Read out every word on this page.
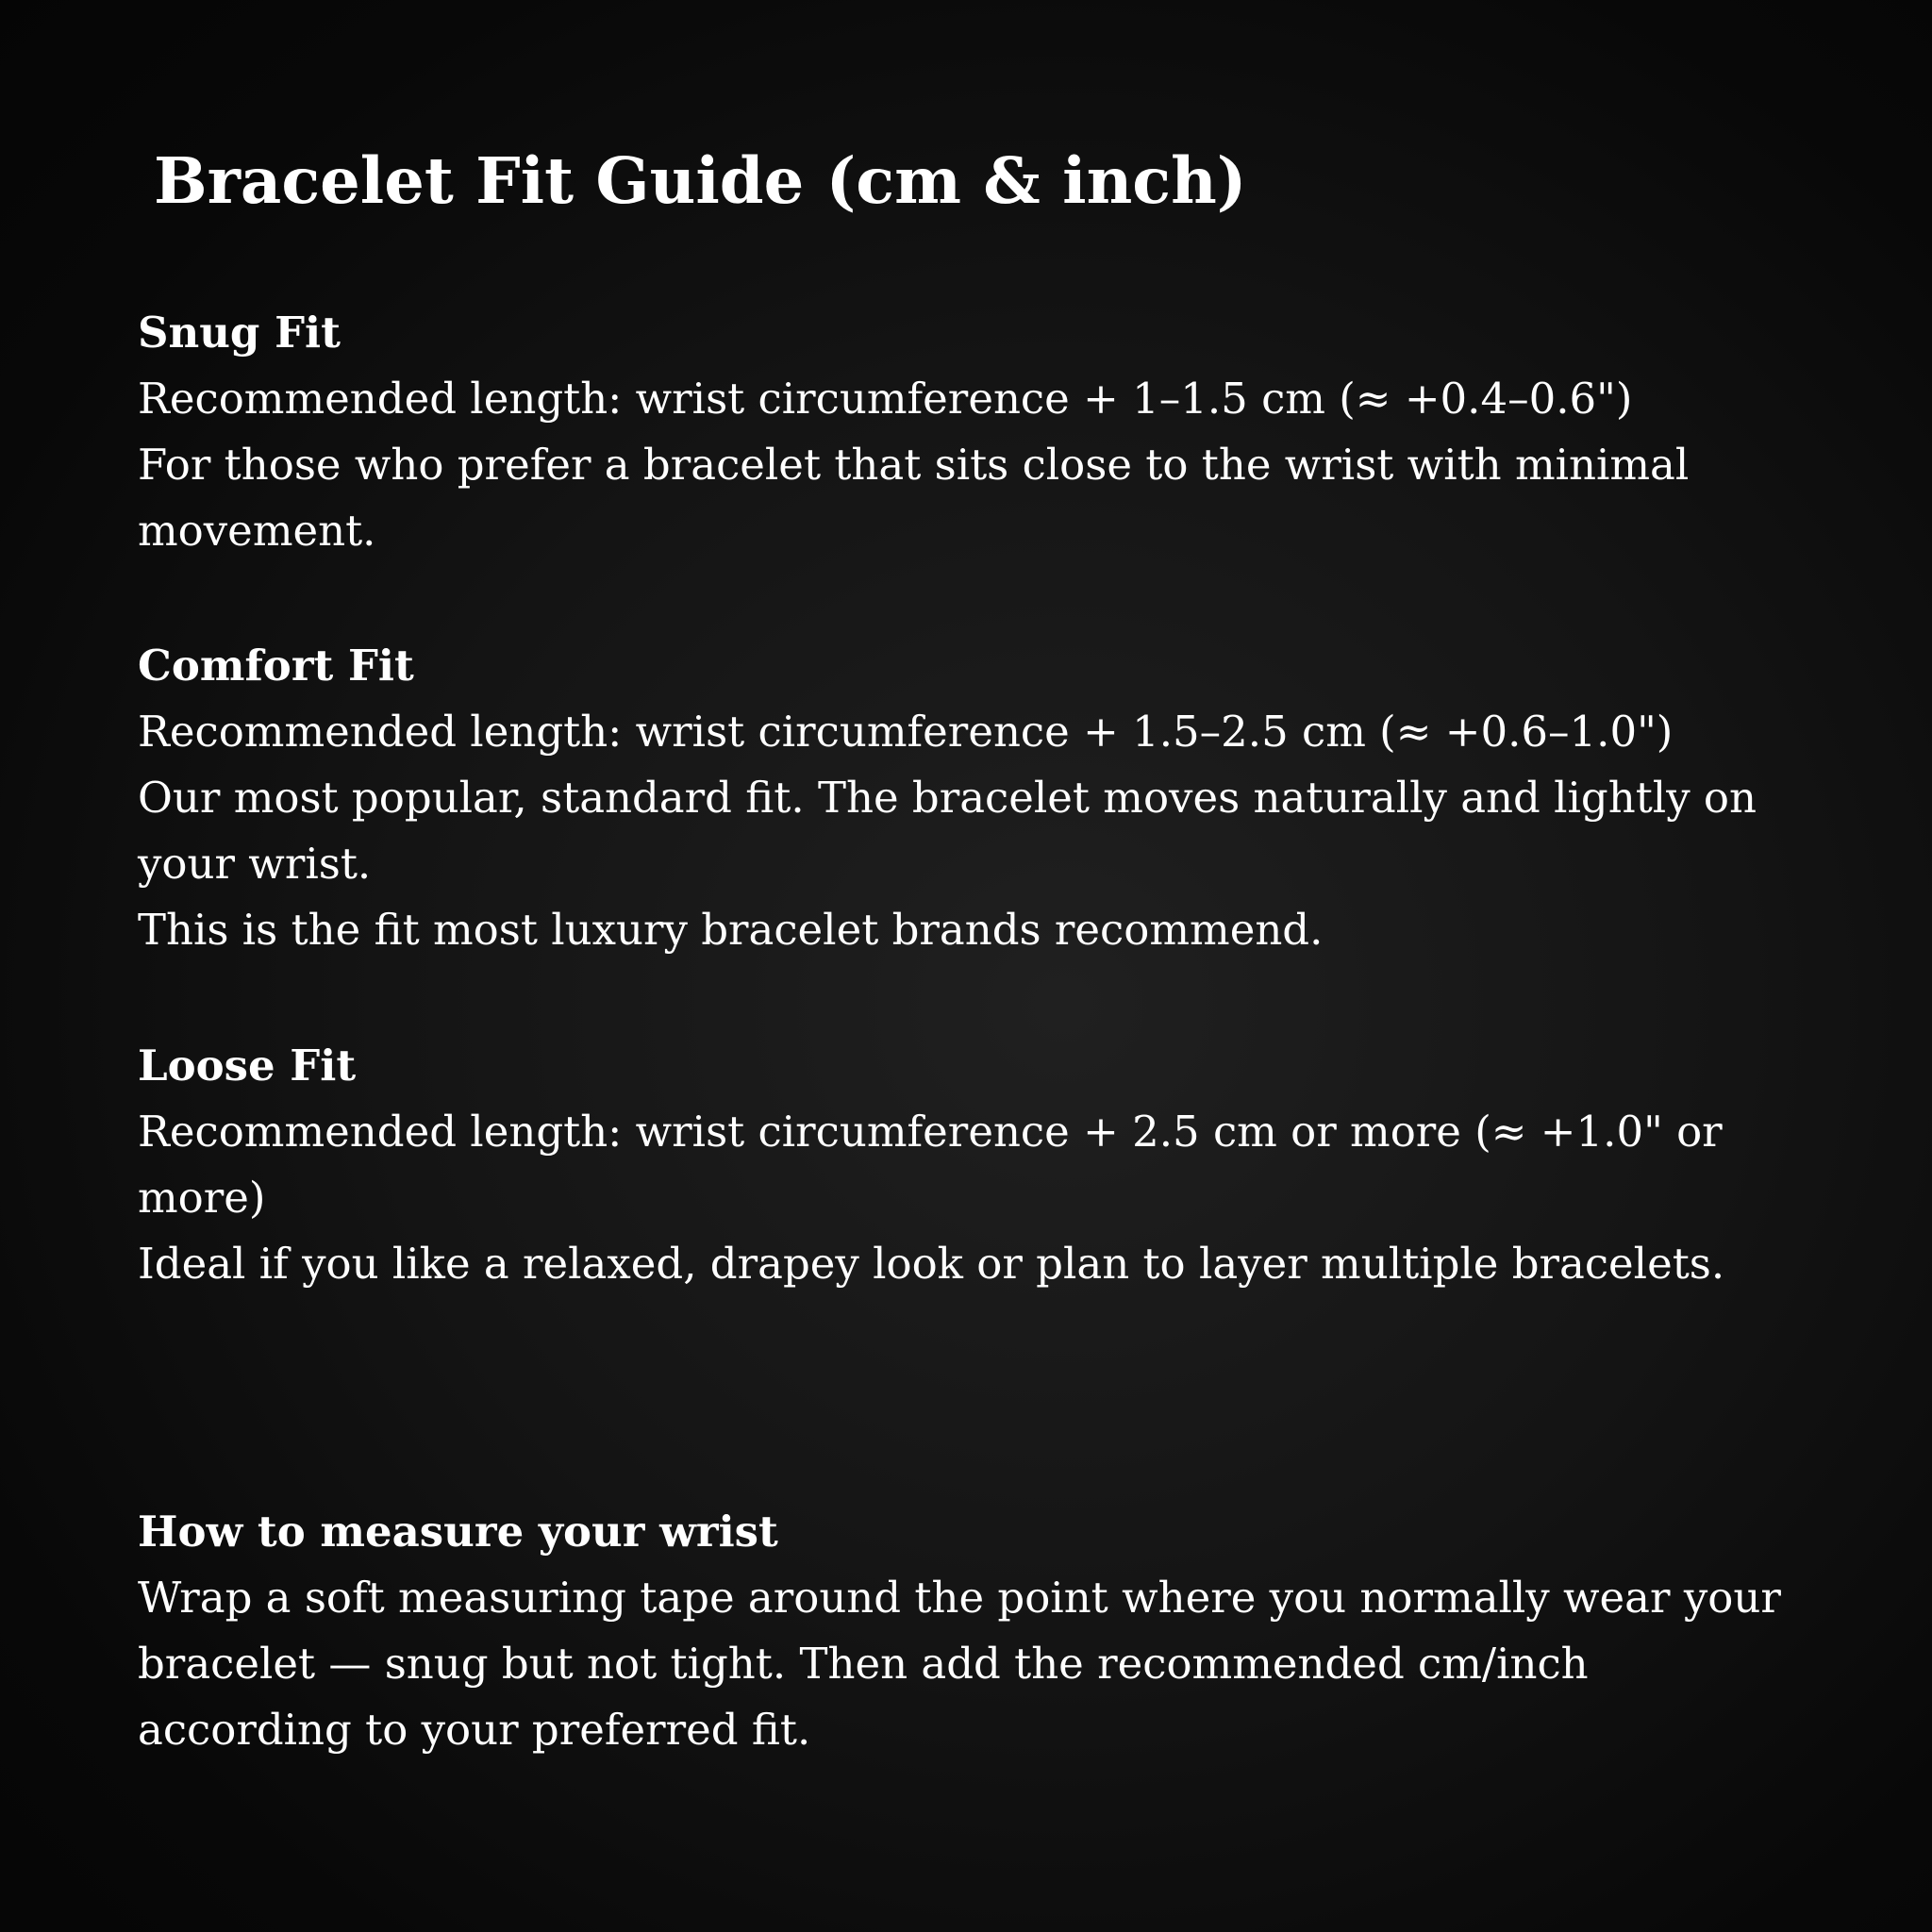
Bracelet Fit Guide (cm & inch)
Snug Fit

Recommended length: wrist circumference + 1–1.5 cm (≈ +0.4–0.6")

For those who prefer a bracelet that sits close to the wrist with minimal movement.

Comfort Fit

Recommended length: wrist circumference + 1.5–2.5 cm (≈ +0.6–1.0")

Our most popular, standard fit. The bracelet moves naturally and lightly on your wrist.

This is the fit most luxury bracelet brands recommend.

Loose Fit

Recommended length: wrist circumference + 2.5 cm or more (≈ +1.0" or more)

Ideal if you like a relaxed, drapey look or plan to layer multiple bracelets.

How to measure your wrist

Wrap a soft measuring tape around the point where you normally wear your bracelet — snug but not tight. Then add the recommended cm/inch according to your preferred fit.
